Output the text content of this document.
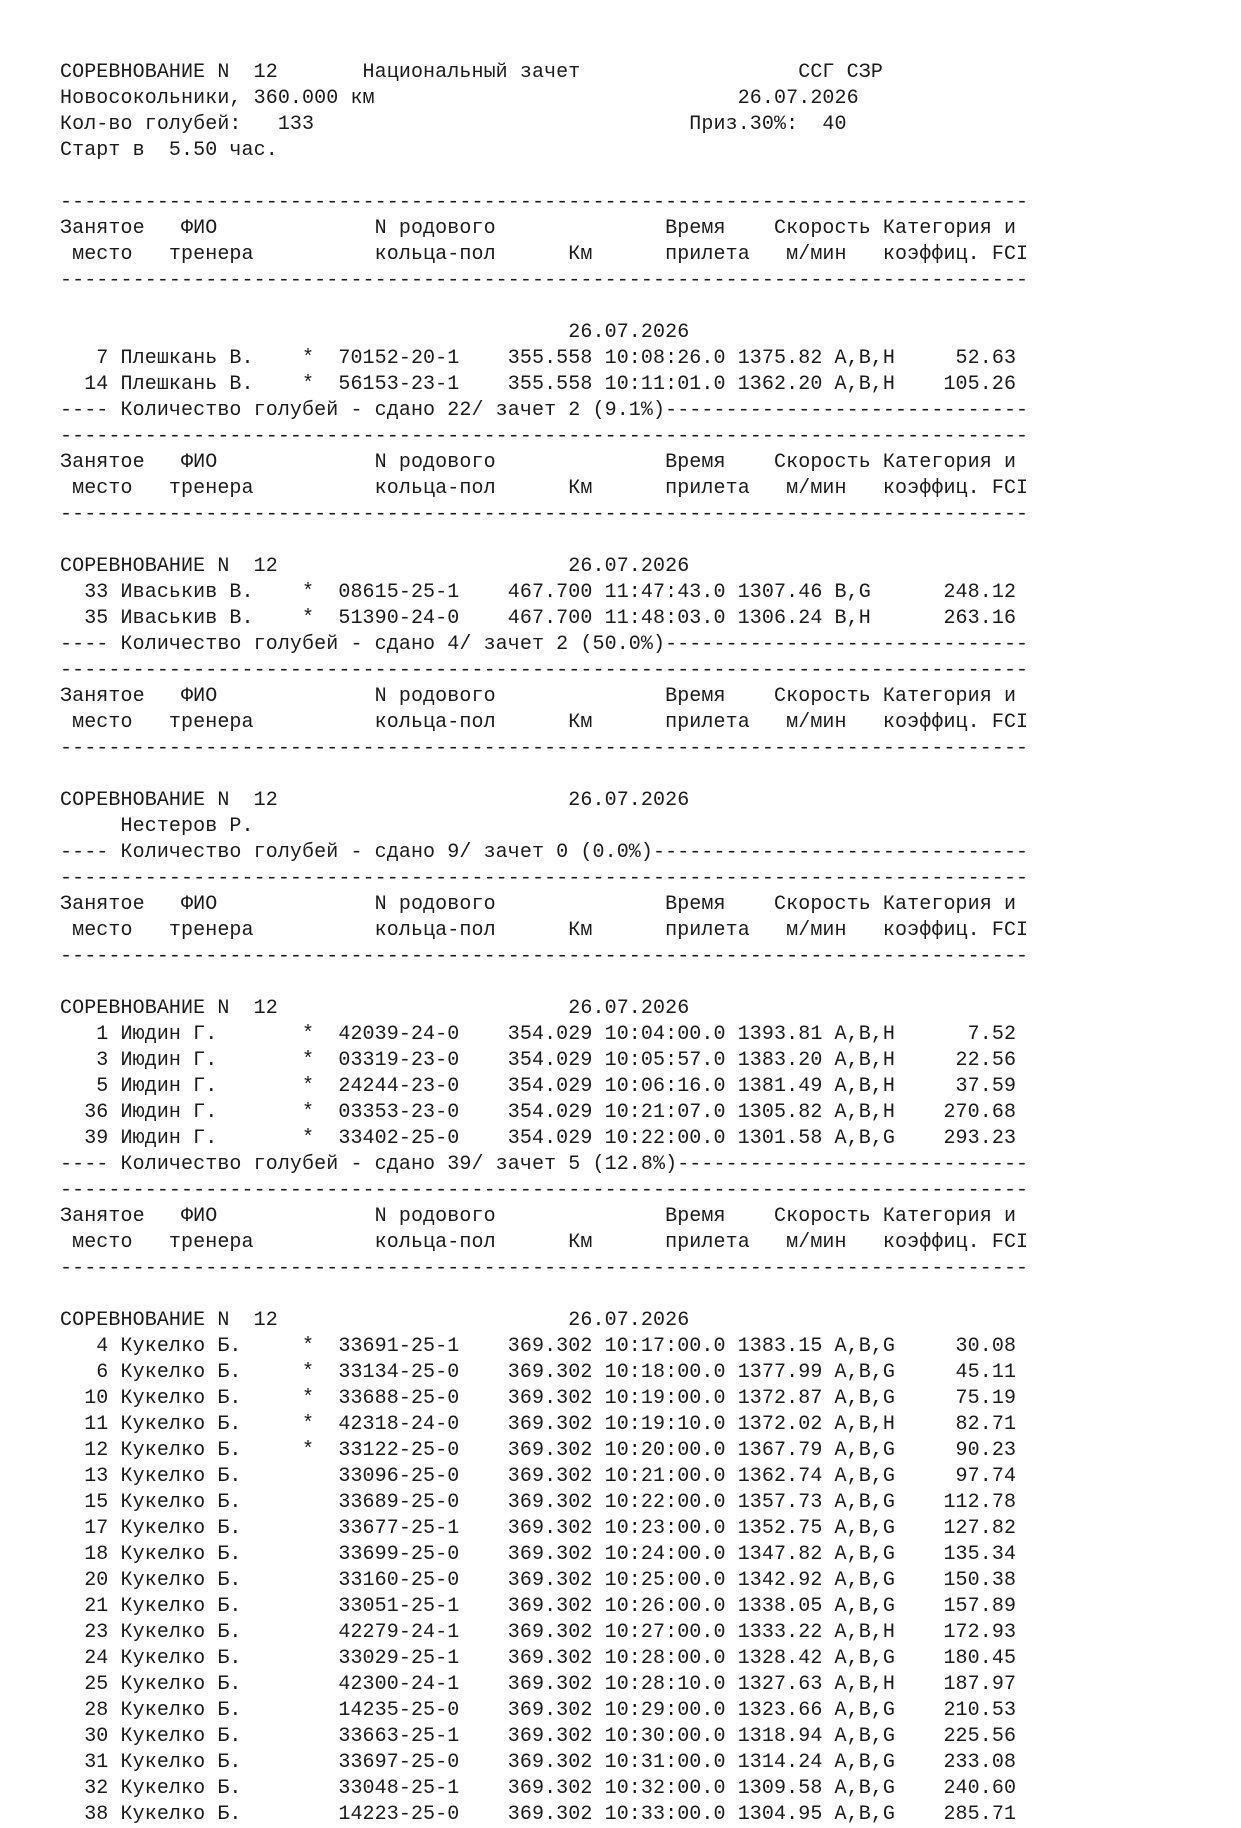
СОРЕВНОВАНИЕ N  12       Национальный зачет                  ССГ СЗР
Новосокольники, 360.000 км                              26.07.2026
Кол-во голубей:   133                               Приз.30%:  40
Старт в  5.50 час.
--------------------------------------------------------------------------------
Занятое   ФИО             N родового              Время    Скорость Категория и
место   тренера          кольца-пол      Км      прилета   м/мин   коэффиц. FCI
--------------------------------------------------------------------------------
26.07.2026
7 Плешкань В.    *  70152-20-1    355.558 10:08:26.0 1375.82 A,B,H     52.63
14 Плешкань В.    *  56153-23-1    355.558 10:11:01.0 1362.20 A,B,H    105.26
---- Количество голубей - сдано 22/ зачет 2 (9.1%)------------------------------
--------------------------------------------------------------------------------
Занятое   ФИО             N родового              Время    Скорость Категория и
место   тренера          кольца-пол      Км      прилета   м/мин   коэффиц. FCI
--------------------------------------------------------------------------------
СОРЕВНОВАНИЕ N  12                        26.07.2026
33 Иваськив В.    *  08615-25-1    467.700 11:47:43.0 1307.46 B,G      248.12
35 Иваськив В.    *  51390-24-0    467.700 11:48:03.0 1306.24 B,H      263.16
---- Количество голубей - сдано 4/ зачет 2 (50.0%)------------------------------
--------------------------------------------------------------------------------
Занятое   ФИО             N родового              Время    Скорость Категория и
место   тренера          кольца-пол      Км      прилета   м/мин   коэффиц. FCI
--------------------------------------------------------------------------------
СОРЕВНОВАНИЕ N  12                        26.07.2026
Нестеров Р.
---- Количество голубей - сдано 9/ зачет 0 (0.0%)-------------------------------
--------------------------------------------------------------------------------
Занятое   ФИО             N родового              Время    Скорость Категория и
место   тренера          кольца-пол      Км      прилета   м/мин   коэффиц. FCI
--------------------------------------------------------------------------------
СОРЕВНОВАНИЕ N  12                        26.07.2026
1 Июдин Г.       *  42039-24-0    354.029 10:04:00.0 1393.81 A,B,H      7.52
3 Июдин Г.       *  03319-23-0    354.029 10:05:57.0 1383.20 A,B,H     22.56
5 Июдин Г.       *  24244-23-0    354.029 10:06:16.0 1381.49 A,B,H     37.59
36 Июдин Г.       *  03353-23-0    354.029 10:21:07.0 1305.82 A,B,H    270.68
39 Июдин Г.       *  33402-25-0    354.029 10:22:00.0 1301.58 A,B,G    293.23
---- Количество голубей - сдано 39/ зачет 5 (12.8%)-----------------------------
--------------------------------------------------------------------------------
Занятое   ФИО             N родового              Время    Скорость Категория и
место   тренера          кольца-пол      Км      прилета   м/мин   коэффиц. FCI
--------------------------------------------------------------------------------
СОРЕВНОВАНИЕ N  12                        26.07.2026
4 Кукелко Б.     *  33691-25-1    369.302 10:17:00.0 1383.15 A,B,G     30.08
6 Кукелко Б.     *  33134-25-0    369.302 10:18:00.0 1377.99 A,B,G     45.11
10 Кукелко Б.     *  33688-25-0    369.302 10:19:00.0 1372.87 A,B,G     75.19
11 Кукелко Б.     *  42318-24-0    369.302 10:19:10.0 1372.02 A,B,H     82.71
12 Кукелко Б.     *  33122-25-0    369.302 10:20:00.0 1367.79 A,B,G     90.23
13 Кукелко Б.        33096-25-0    369.302 10:21:00.0 1362.74 A,B,G     97.74
15 Кукелко Б.        33689-25-0    369.302 10:22:00.0 1357.73 A,B,G    112.78
17 Кукелко Б.        33677-25-1    369.302 10:23:00.0 1352.75 A,B,G    127.82
18 Кукелко Б.        33699-25-0    369.302 10:24:00.0 1347.82 A,B,G    135.34
20 Кукелко Б.        33160-25-0    369.302 10:25:00.0 1342.92 A,B,G    150.38
21 Кукелко Б.        33051-25-1    369.302 10:26:00.0 1338.05 A,B,G    157.89
23 Кукелко Б.        42279-24-1    369.302 10:27:00.0 1333.22 A,B,H    172.93
24 Кукелко Б.        33029-25-1    369.302 10:28:00.0 1328.42 A,B,G    180.45
25 Кукелко Б.        42300-24-1    369.302 10:28:10.0 1327.63 A,B,H    187.97
28 Кукелко Б.        14235-25-0    369.302 10:29:00.0 1323.66 A,B,G    210.53
30 Кукелко Б.        33663-25-1    369.302 10:30:00.0 1318.94 A,B,G    225.56
31 Кукелко Б.        33697-25-0    369.302 10:31:00.0 1314.24 A,B,G    233.08
32 Кукелко Б.        33048-25-1    369.302 10:32:00.0 1309.58 A,B,G    240.60
38 Кукелко Б.        14223-25-0    369.302 10:33:00.0 1304.95 A,B,G    285.71
